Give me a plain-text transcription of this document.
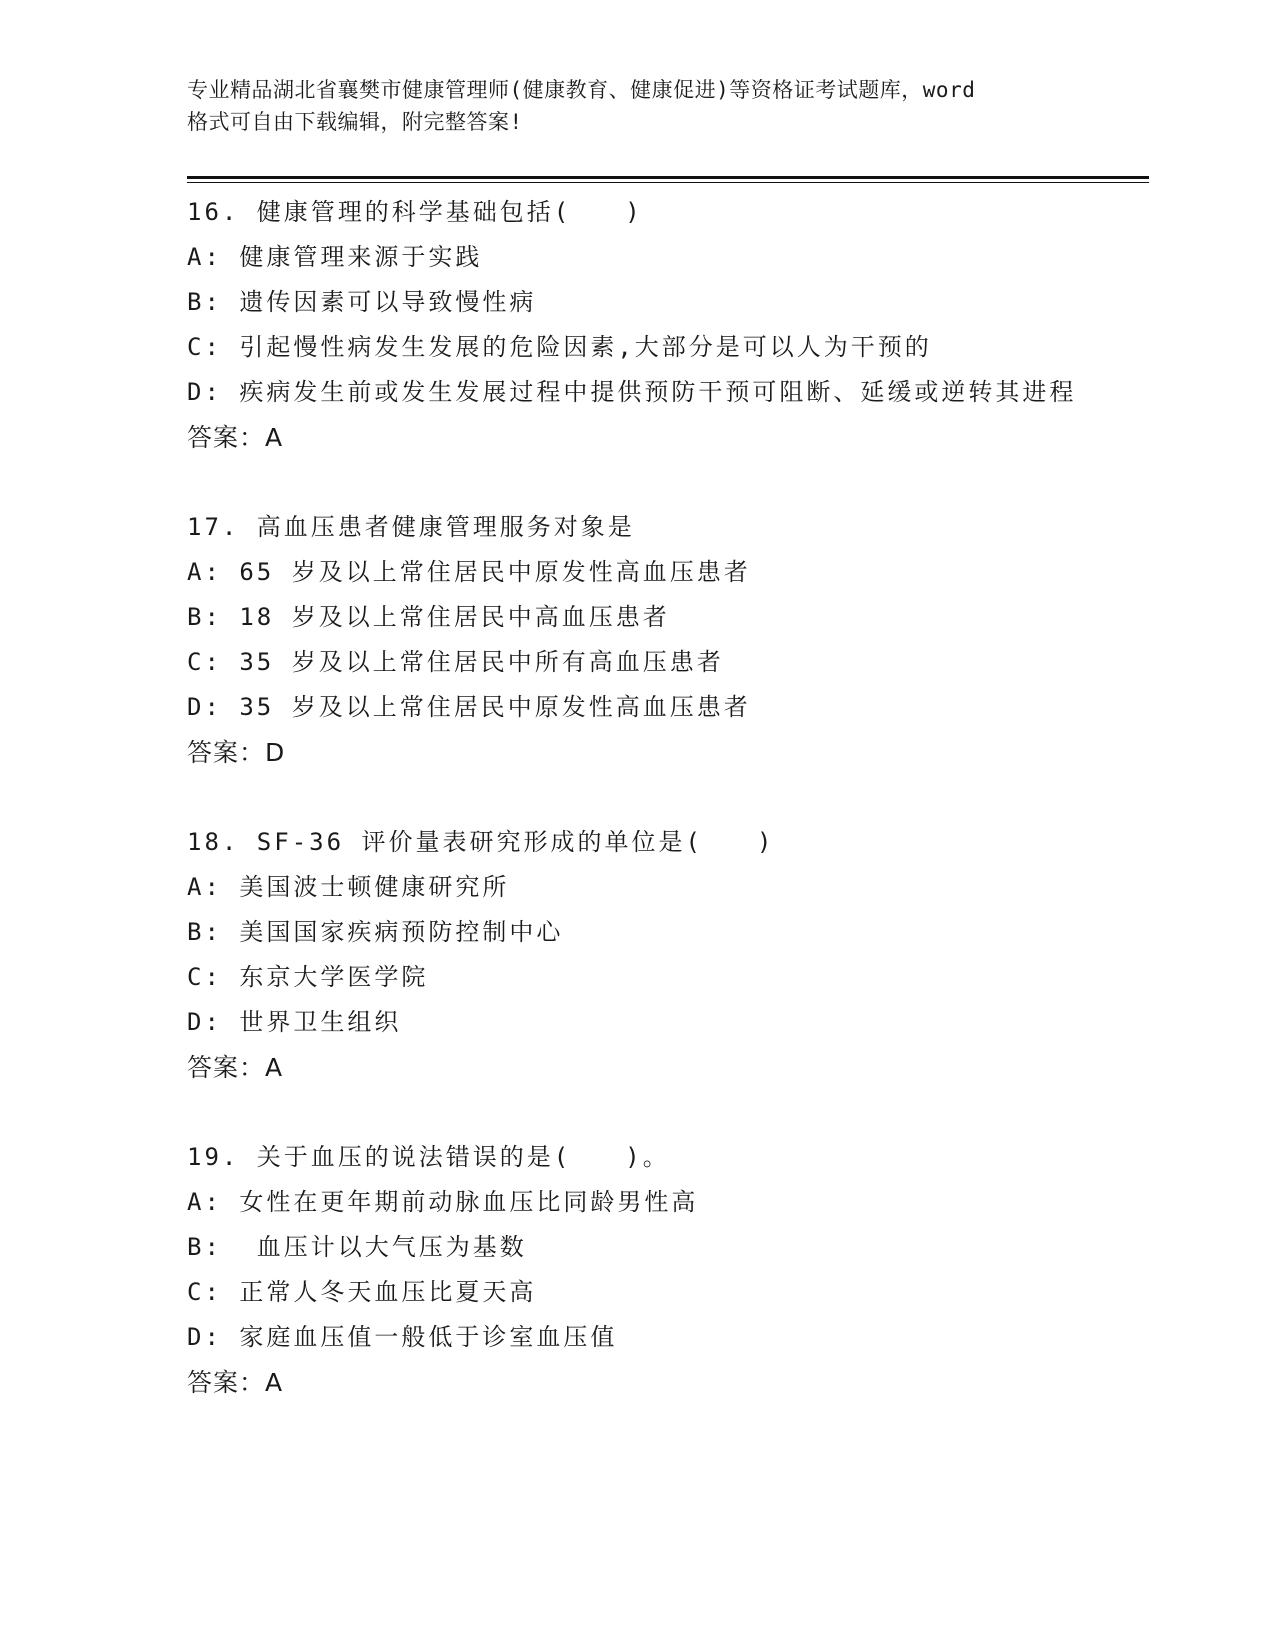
专业精品湖北省襄樊市健康管理师(健康教育、健康促进)等资格证考试题库，word
格式可自由下载编辑，附完整答案!
16. 健康管理的科学基础包括(　　)
A: 健康管理来源于实践
B: 遗传因素可以导致慢性病
C: 引起慢性病发生发展的危险因素,大部分是可以人为干预的
D: 疾病发生前或发生发展过程中提供预防干预可阻断、延缓或逆转其进程
答案：A
17. 高血压患者健康管理服务对象是
A: 65 岁及以上常住居民中原发性高血压患者
B: 18 岁及以上常住居民中高血压患者
C: 35 岁及以上常住居民中所有高血压患者
D: 35 岁及以上常住居民中原发性高血压患者
答案：D
18. SF-36 评价量表研究形成的单位是(　　)
A: 美国波士顿健康研究所
B: 美国国家疾病预防控制中心
C: 东京大学医学院
D: 世界卫生组织
答案：A
19. 关于血压的说法错误的是(　　)。
A: 女性在更年期前动脉血压比同龄男性高
B:  血压计以大气压为基数
C: 正常人冬天血压比夏天高
D: 家庭血压值一般低于诊室血压值
答案：A
